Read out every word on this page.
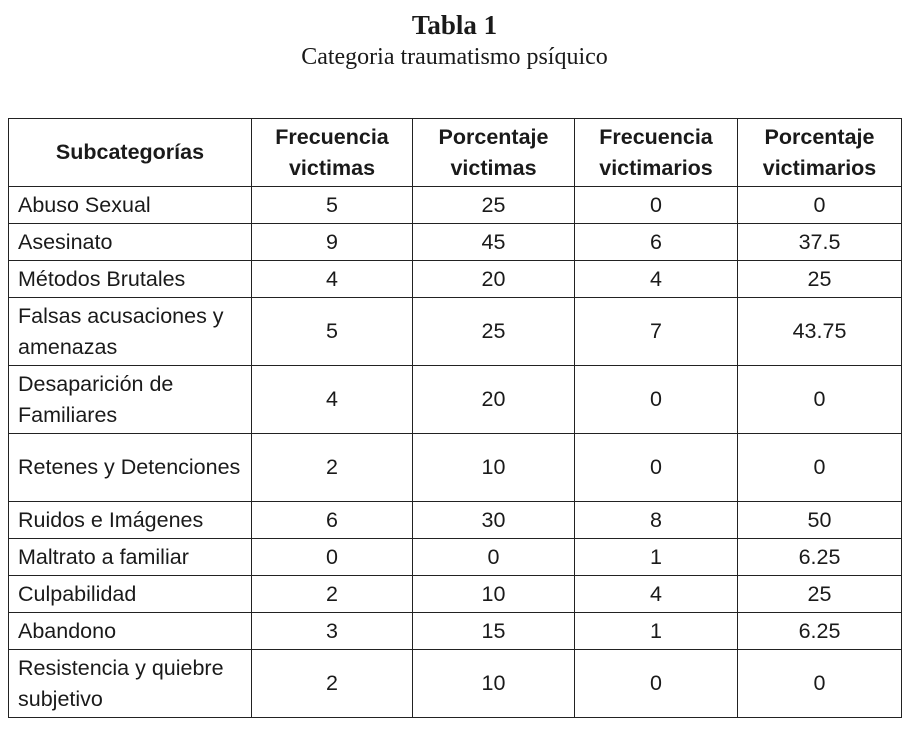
Tabla 1
Categoria traumatismo psíquico
Subcategorías	Frecuencia victimas	Porcentaje victimas	Frecuencia victimarios	Porcentaje victimarios
Abuso Sexual	5	25	0	0
Asesinato	9	45	6	37.5
Métodos Brutales	4	20	4	25
Falsas acusaciones y amenazas	5	25	7	43.75
Desaparición de Familiares	4	20	0	0
Retenes y Detenciones	2	10	0	0
Ruidos e Imágenes	6	30	8	50
Maltrato a familiar	0	0	1	6.25
Culpabilidad	2	10	4	25
Abandono	3	15	1	6.25
Resistencia y quiebre subjetivo	2	10	0	0
